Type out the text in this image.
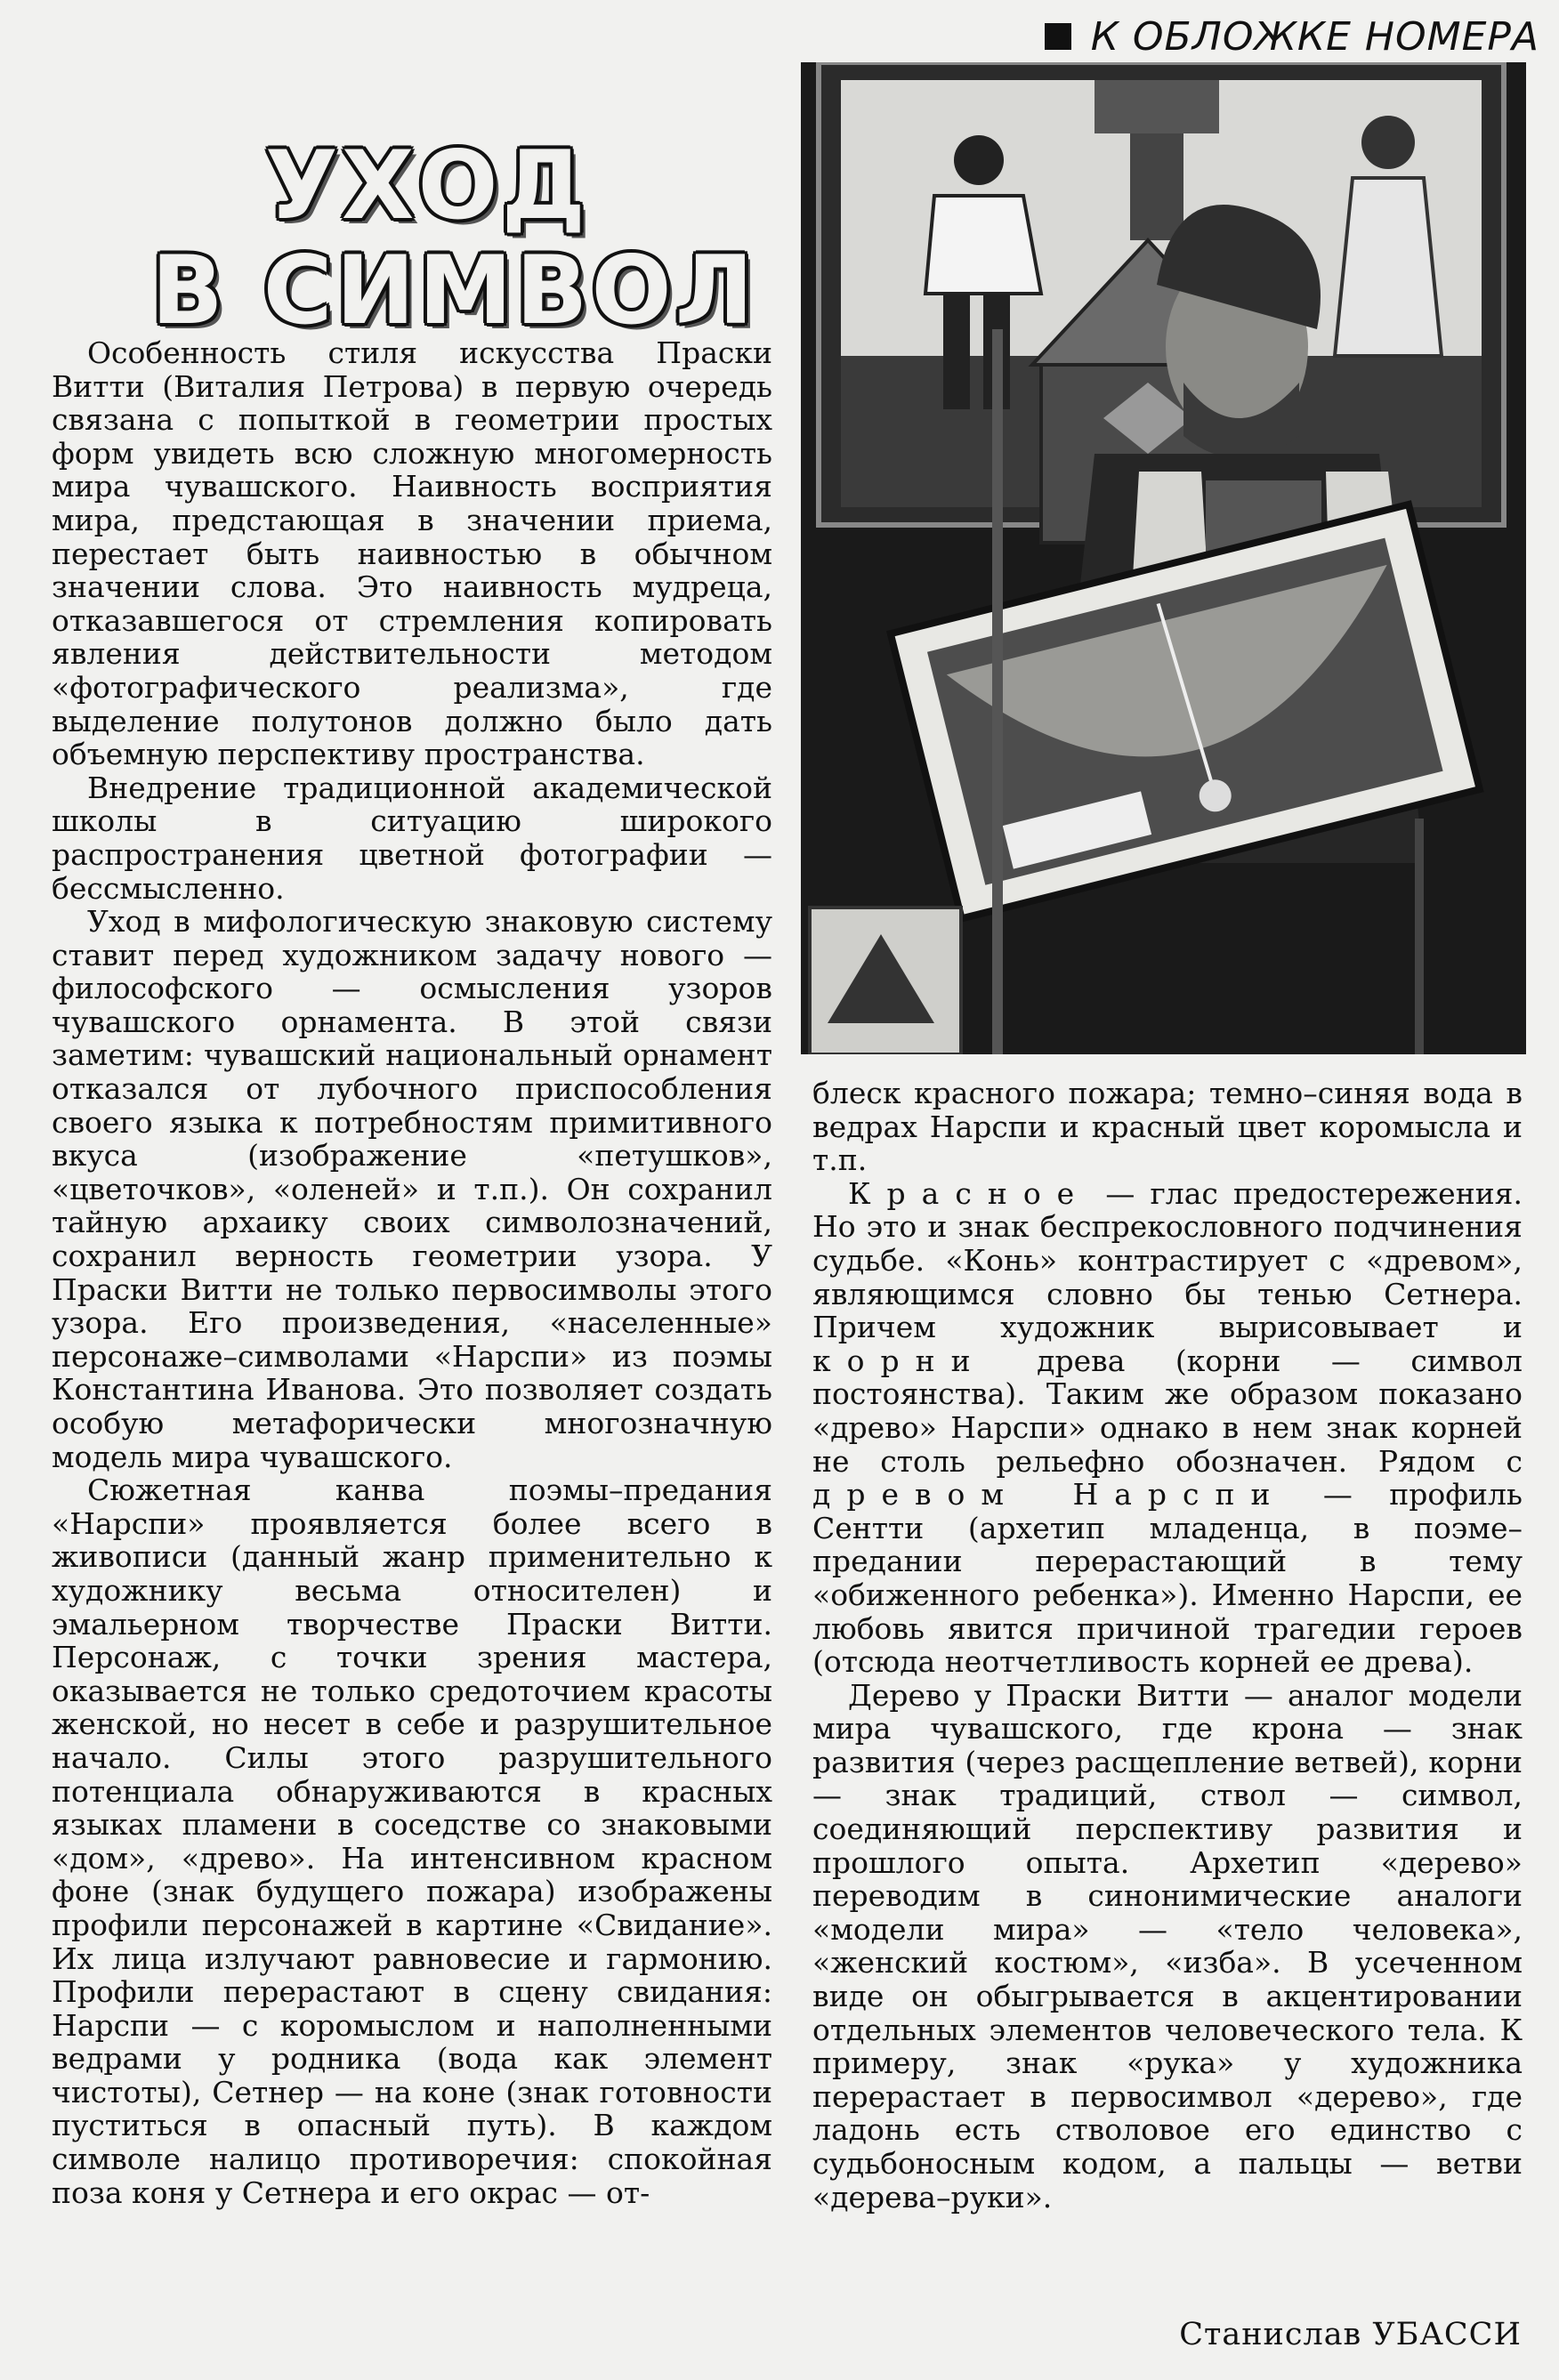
К ОБЛОЖКЕ НОМЕРА
УХОД
В СИМВОЛ

Особенность стиля искусства Праски Витти (Виталия Петрова) в первую очередь связана с попыткой в геометрии простых форм увидеть всю сложную многомерность мира чувашского. Наивность восприятия мира, предстающая в значении приема, перестает быть наивностью в обычном значении слова. Это наивность мудреца, отказавшегося от стремления копировать явления действительности методом «фотографического реализма», где выделение полутонов должно было дать объемную перспективу пространства.

Внедрение традиционной академической школы в ситуацию широкого распространения цветной фотографии — бессмысленно.

Уход в мифологическую знаковую систему ставит перед художником задачу нового — философского — осмысления узоров чувашского орнамента. В этой связи заметим: чувашский национальный орнамент отказался от лубочного приспособления своего языка к потребностям примитивного вкуса (изображение «петушков», «цветочков», «оленей» и т.п.). Он сохранил тайную архаику своих символозначений, сохранил верность геометрии узора. У Праски Витти не только первосимволы этого узора. Его произведения, «населенные» персонаже–символами «Нарспи» из поэмы Константина Иванова. Это позволяет создать особую метафорически многозначную модель мира чувашского.

Сюжетная канва поэмы–предания «Нарспи» проявляется более всего в живописи (данный жанр применительно к художнику весьма относителен) и эмальерном творчестве Праски Витти. Персонаж, с точки зрения мастера, оказывается не только средоточием красоты женской, но несет в себе и разрушительное начало. Силы этого разрушительного потенциала обнаруживаются в красных языках пламени в соседстве со знаковыми «дом», «древо». На интенсивном красном фоне (знак будущего пожара) изображены профили персонажей в картине «Свидание». Их лица излучают равновесие и гармонию. Профили перерастают в сцену свидания: Нарспи — с коромыслом и наполненными ведрами у родника (вода как элемент чистоты), Сетнер — на коне (знак готовности пуститься в опасный путь). В каждом символе налицо противоречия: спокойная поза коня у Сетнера и его окрас — от-

блеск красного пожара; темно–синяя вода в ведрах Нарспи и красный цвет коромысла и т.п.

Красное — глас предостережения. Но это и знак беспрекословного подчинения судьбе. «Конь» контрастирует с «древом», являющимся словно бы тенью Сетнера. Причем художник вырисовывает и корни древа (корни — символ постоянства). Таким же образом показано «древо» Нарспи» однако в нем знак корней не столь рельефно обозначен. Рядом с древом Нарспи — профиль Сентти (архетип младенца, в поэме–предании перерастающий в тему «обиженного ребенка»). Именно Нарспи, ее любовь явится причиной трагедии героев (отсюда неотчетливость корней ее древа).

Дерево у Праски Витти — аналог модели мира чувашского, где крона — знак развития (через расщепление ветвей), корни — знак традиций, ствол — символ, соединяющий перспективу развития и прошлого опыта. Архетип «дерево» переводим в синонимические аналоги «модели мира» — «тело человека», «женский костюм», «изба». В усеченном виде он обыгрывается в акцентировании отдельных элементов человеческого тела. К примеру, знак «рука» у художника перерастает в первосимвол «дерево», где ладонь есть стволовое его единство с судьбоносным кодом, а пальцы — ветви «дерева–руки».

Станислав УБАССИ
